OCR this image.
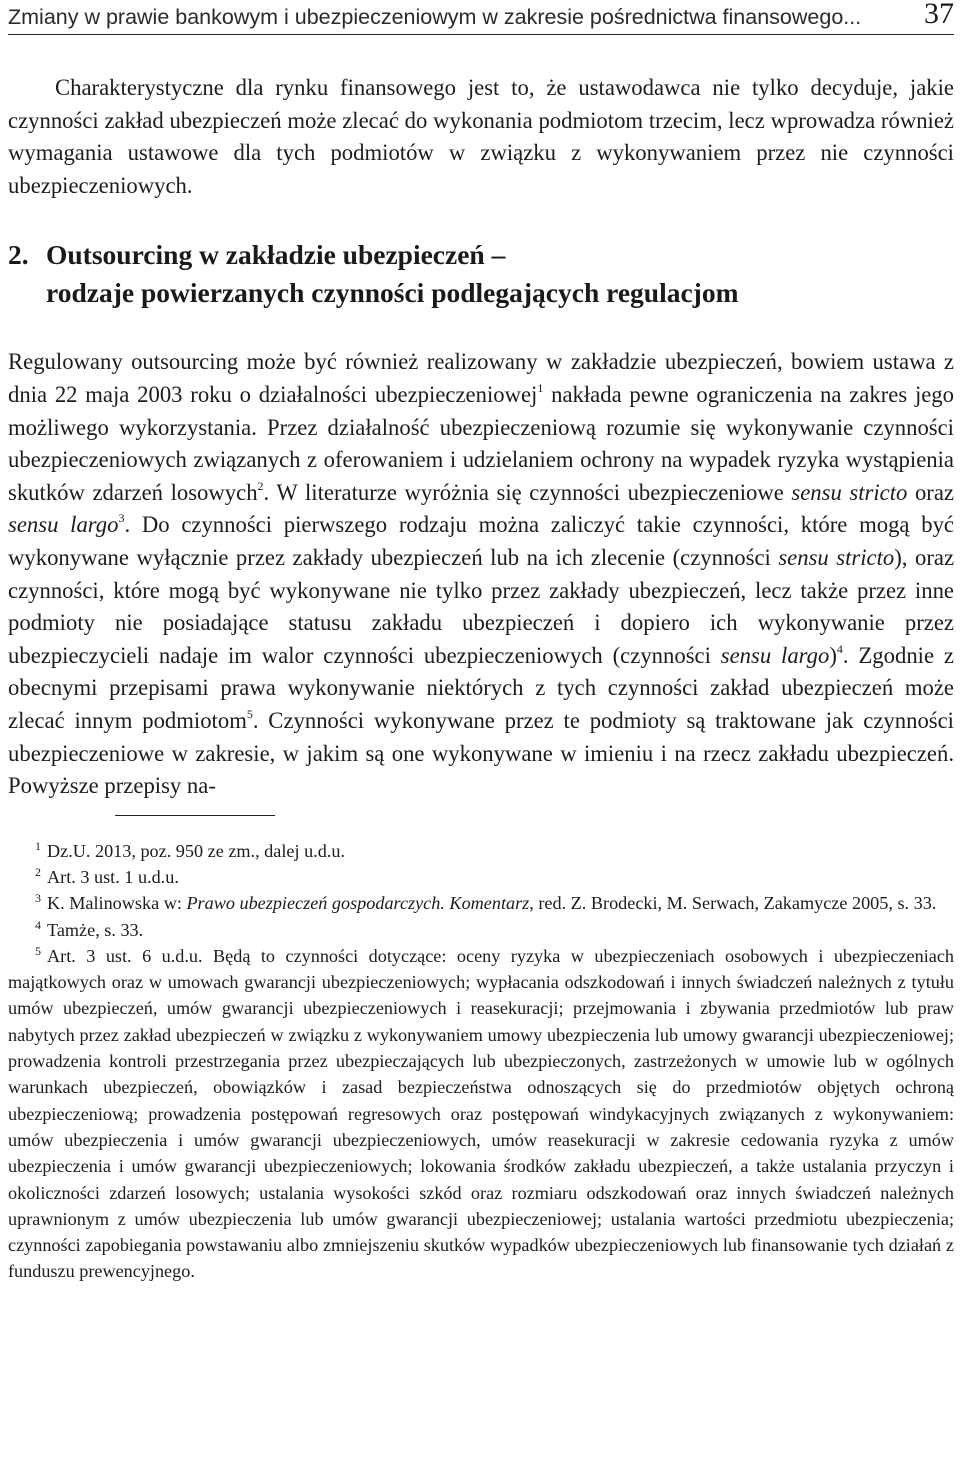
Zmiany w prawie bankowym i ubezpieczeniowym w zakresie pośrednictwa finansowego... 37

Charakterystyczne dla rynku finansowego jest to, że ustawodawca nie tylko decyduje, jakie czynności zakład ubezpieczeń może zlecać do wykonania podmiotom trzecim, lecz wprowadza również wymagania ustawowe dla tych podmiotów w związku z wykonywaniem przez nie czynności ubezpieczeniowych.

2. Outsourcing w zakładzie ubezpieczeń –
rodzaje powierzanych czynności podlegających regulacjom

Regulowany outsourcing może być również realizowany w zakładzie ubezpieczeń, bowiem ustawa z dnia 22 maja 2003 roku o działalności ubezpieczeniowej$^1$ nakłada pewne ograniczenia na zakres jego możliwego wykorzystania. Przez działalność ubezpieczeniową rozumie się wykonywanie czynności ubezpieczeniowych związanych z oferowaniem i udzielaniem ochrony na wypadek ryzyka wystąpienia skutków zdarzeń losowych$^2$. W literaturze wyróżnia się czynności ubezpieczeniowe sensu stricto oraz sensu largo$^3$. Do czynności pierwszego rodzaju można zaliczyć takie czynności, które mogą być wykonywane wyłącznie przez zakłady ubezpieczeń lub na ich zlecenie (czynności sensu stricto), oraz czynności, które mogą być wykonywane nie tylko przez zakłady ubezpieczeń, lecz także przez inne podmioty nie posiadające statusu zakładu ubezpieczeń i dopiero ich wykonywanie przez ubezpieczycieli nadaje im walor czynności ubezpieczeniowych (czynności sensu largo)$^4$. Zgodnie z obecnymi przepisami prawa wykonywanie niektórych z tych czynności zakład ubezpieczeń może zlecać innym podmiotom$^5$. Czynności wykonywane przez te podmioty są traktowane jak czynności ubezpieczeniowe w zakresie, w jakim są one wykonywane w imieniu i na rzecz zakładu ubezpieczeń. Powyższe przepisy na-

$^1$ Dz.U. 2013, poz. 950 ze zm., dalej u.d.u.

$^2$ Art. 3 ust. 1 u.d.u.

$^3$ K. Malinowska w: Prawo ubezpieczeń gospodarczych. Komentarz, red. Z. Brodecki, M. Serwach, Zakamycze 2005, s. 33.

$^4$ Tamże, s. 33.

$^5$ Art. 3 ust. 6 u.d.u. Będą to czynności dotyczące: oceny ryzyka w ubezpieczeniach osobowych i ubezpieczeniach majątkowych oraz w umowach gwarancji ubezpieczeniowych; wypłacania odszkodowań i innych świadczeń należnych z tytułu umów ubezpieczeń, umów gwarancji ubezpieczeniowych i reasekuracji; przejmowania i zbywania przedmiotów lub praw nabytych przez zakład ubezpieczeń w związku z wykonywaniem umowy ubezpieczenia lub umowy gwarancji ubezpieczeniowej; prowadzenia kontroli przestrzegania przez ubezpieczających lub ubezpieczonych, zastrzeżonych w umowie lub w ogólnych warunkach ubezpieczeń, obowiązków i zasad bezpieczeństwa odnoszących się do przedmiotów objętych ochroną ubezpieczeniową; prowadzenia postępowań regresowych oraz postępowań windykacyjnych związanych z wykonywaniem: umów ubezpieczenia i umów gwarancji ubezpieczeniowych, umów reasekuracji w zakresie cedowania ryzyka z umów ubezpieczenia i umów gwarancji ubezpieczeniowych; lokowania środków zakładu ubezpieczeń, a także ustalania przyczyn i okoliczności zdarzeń losowych; ustalania wysokości szkód oraz rozmiaru odszkodowań oraz innych świadczeń należnych uprawnionym z umów ubezpieczenia lub umów gwarancji ubezpieczeniowej; ustalania wartości przedmiotu ubezpieczenia; czynności zapobiegania powstawaniu albo zmniejszeniu skutków wypadków ubezpieczeniowych lub finansowanie tych działań z funduszu prewencyjnego.
